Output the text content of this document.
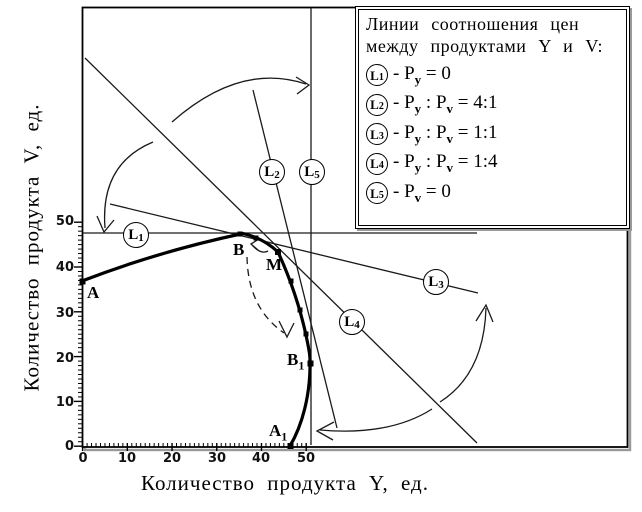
Количество продукта Y, ед.
Количество продукта V, ед.
0	10	20	30	40	50
50
40
30
20
10
0
$L_1$
$L_2$
$L_3$
$L_4$
$L_5$
A
B
M
$B_1$
$A_1$
Линии соотношения цен
между продуктами Y и V:
L $1 - P_y = 0$
L $2 - P_y$ : $P_v$ = 4:1
L $3 - P_y$ : $P_v$ = 1:1
L $4 - P_y$ : $P_v$ = 1:4
L $5 - P_v = 0$
